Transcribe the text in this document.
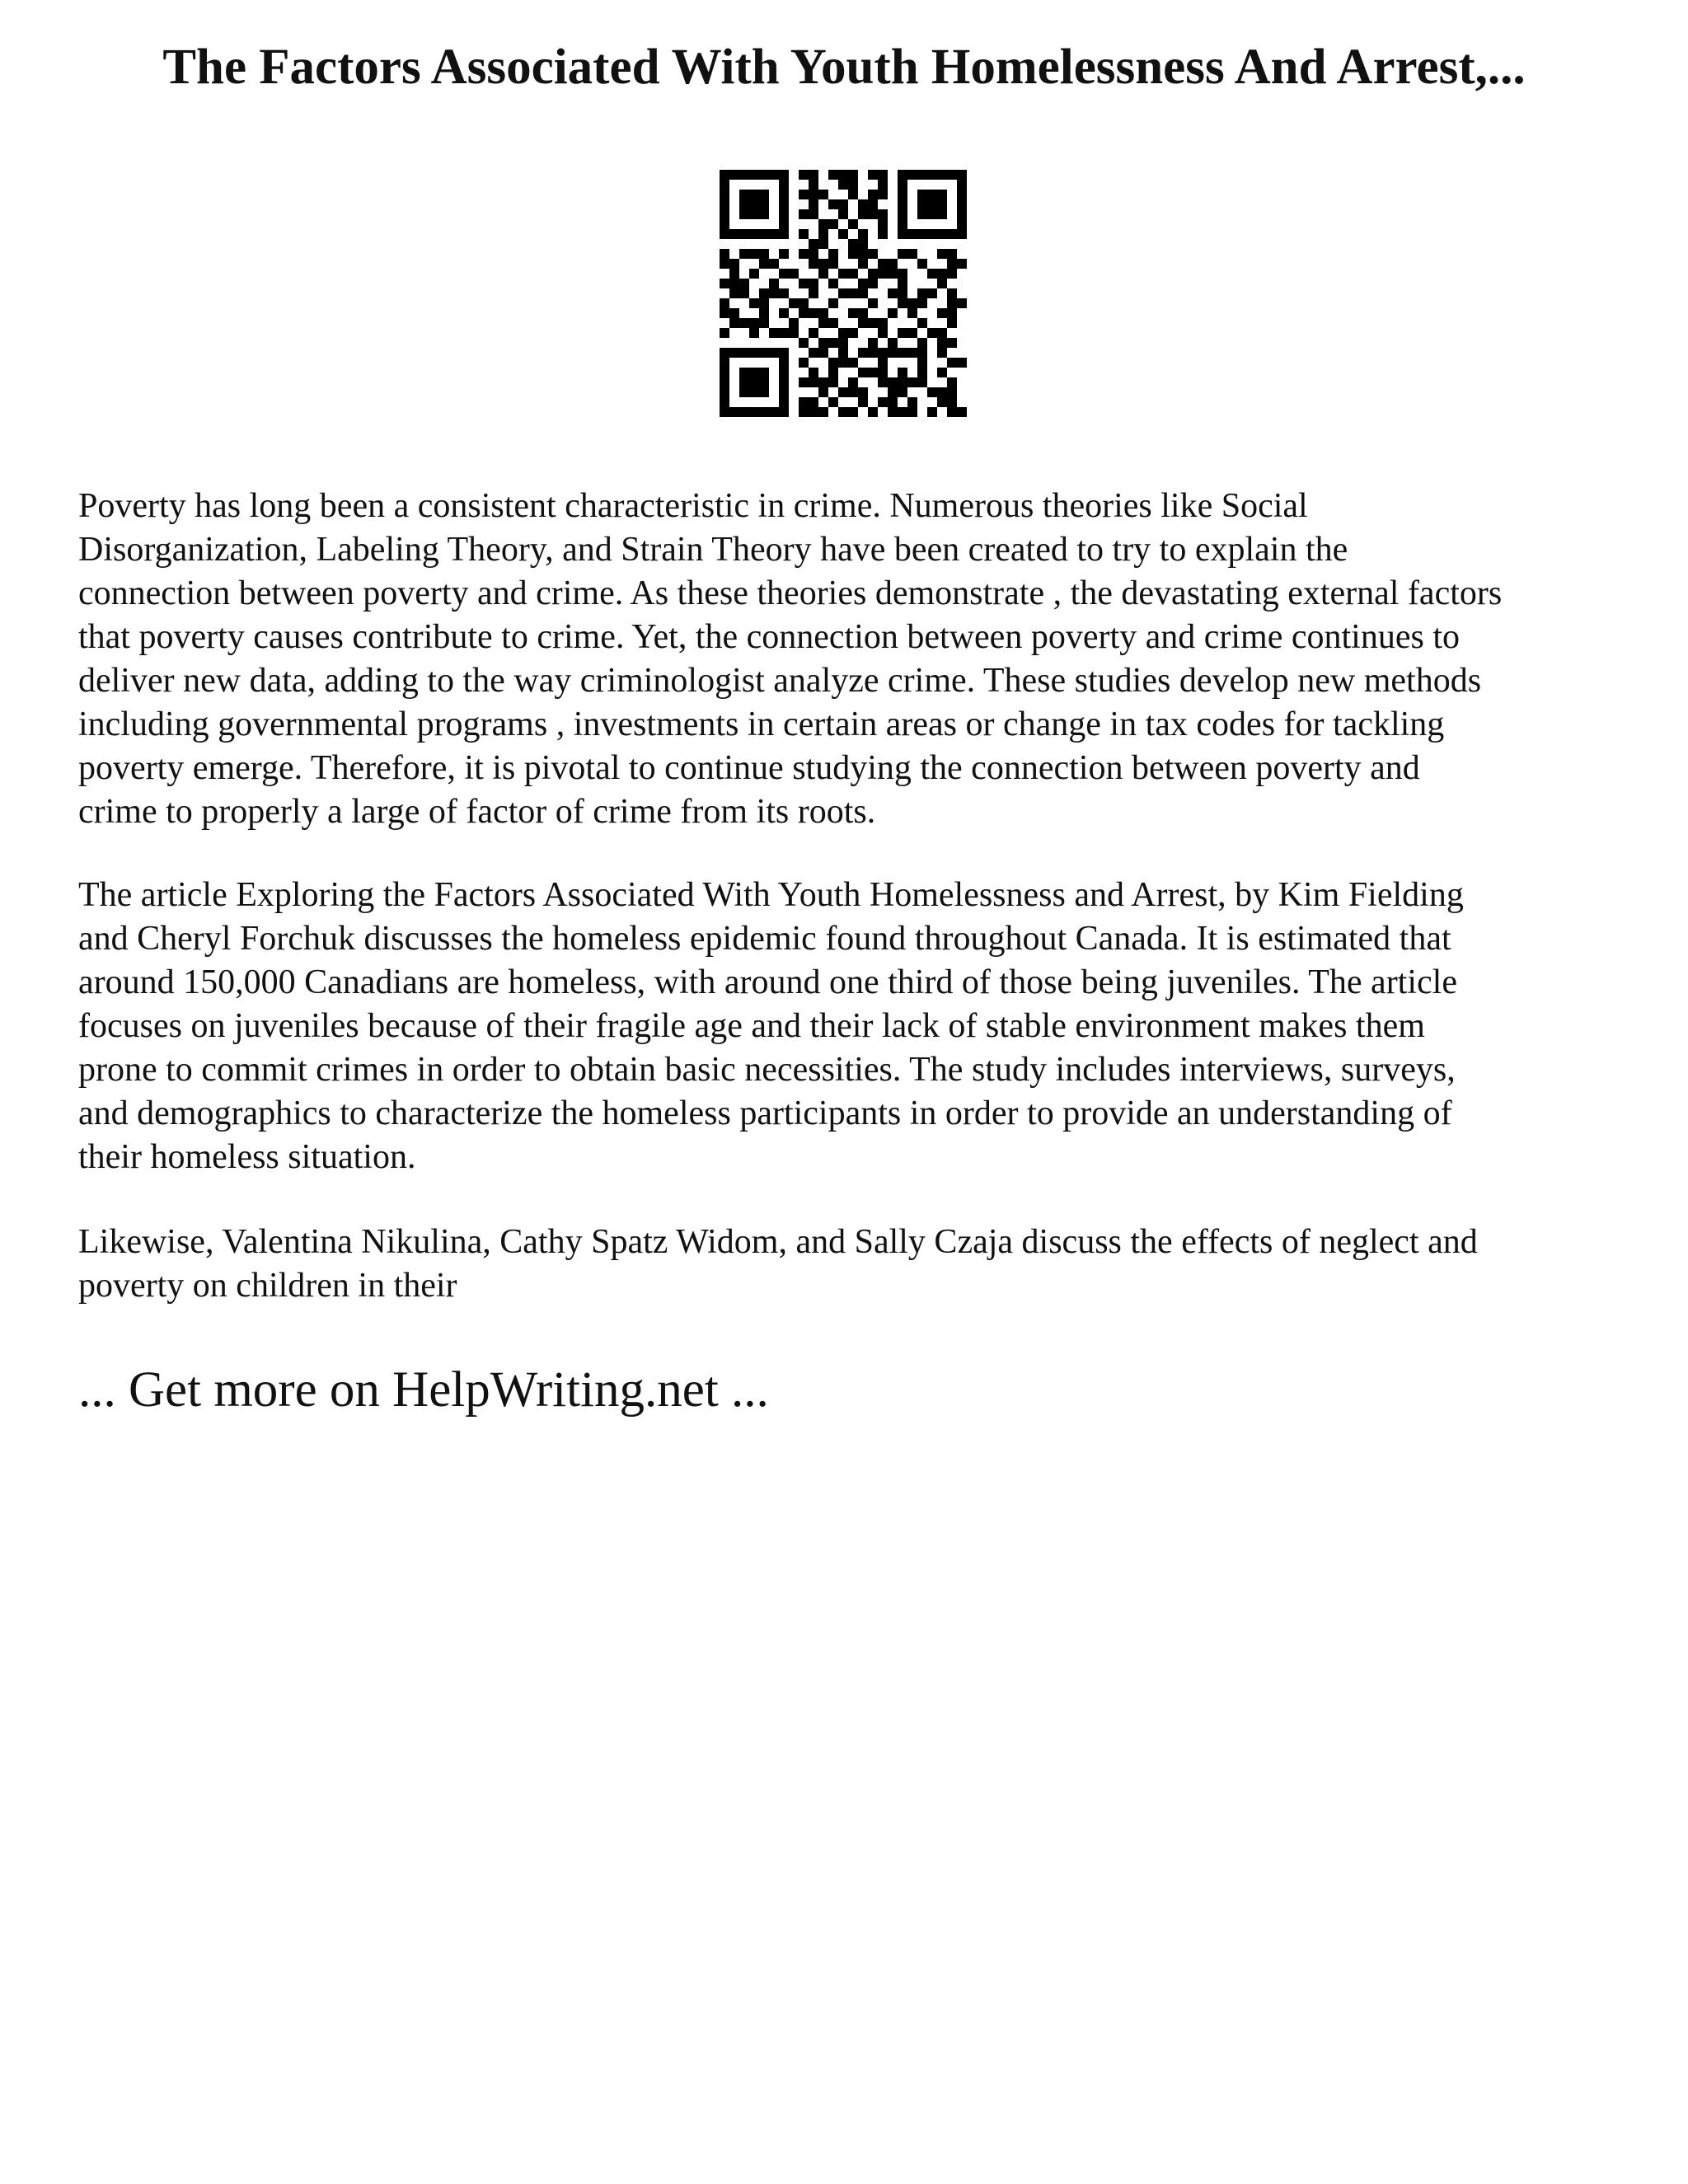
The Factors Associated With Youth Homelessness And Arrest,...
Poverty has long been a consistent characteristic in crime. Numerous theories like Social
Disorganization, Labeling Theory, and Strain Theory have been created to try to explain the
connection between poverty and crime. As these theories demonstrate , the devastating external factors
that poverty causes contribute to crime. Yet, the connection between poverty and crime continues to
deliver new data, adding to the way criminologist analyze crime. These studies develop new methods
including governmental programs , investments in certain areas or change in tax codes for tackling
poverty emerge. Therefore, it is pivotal to continue studying the connection between poverty and
crime to properly a large of factor of crime from its roots.
The article Exploring the Factors Associated With Youth Homelessness and Arrest, by Kim Fielding
and Cheryl Forchuk discusses the homeless epidemic found throughout Canada. It is estimated that
around 150,000 Canadians are homeless, with around one third of those being juveniles. The article
focuses on juveniles because of their fragile age and their lack of stable environment makes them
prone to commit crimes in order to obtain basic necessities. The study includes interviews, surveys,
and demographics to characterize the homeless participants in order to provide an understanding of
their homeless situation.
Likewise, Valentina Nikulina, Cathy Spatz Widom, and Sally Czaja discuss the effects of neglect and
poverty on children in their
... Get more on HelpWriting.net ...
